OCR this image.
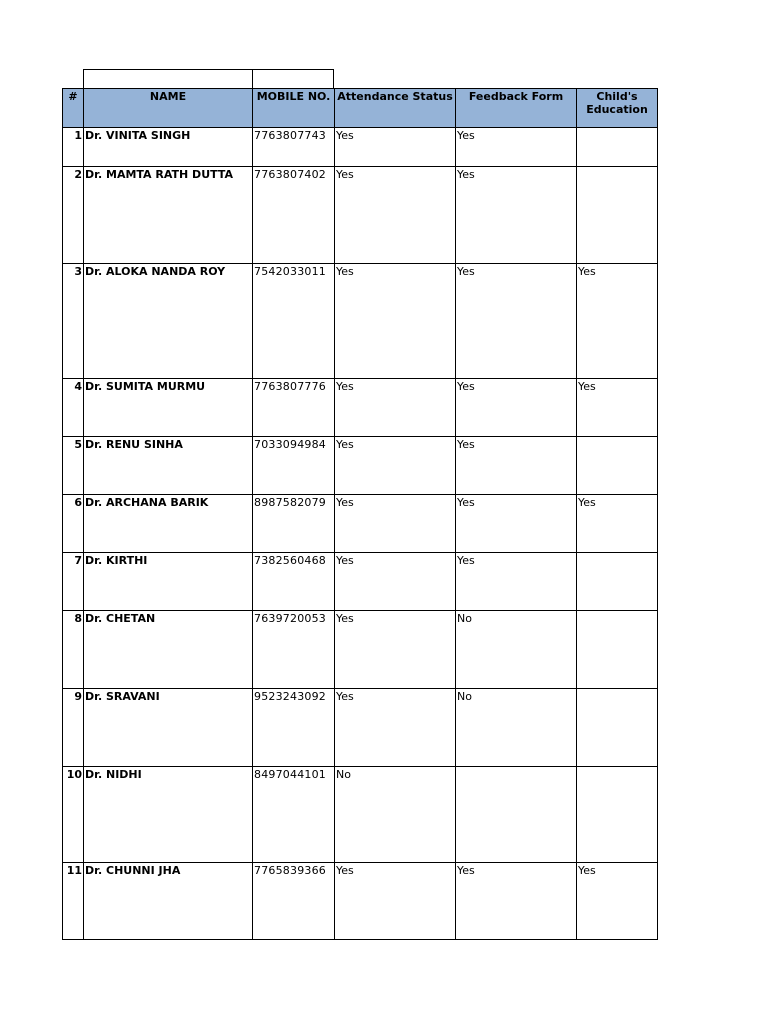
#	NAME	MOBILE NO.	Attendance Status	Feedback Form	Child's Education
1	Dr. VINITA SINGH	7763807743	Yes	Yes	
2	Dr. MAMTA RATH DUTTA	7763807402	Yes	Yes	
3	Dr. ALOKA NANDA ROY	7542033011	Yes	Yes	Yes
4	Dr. SUMITA MURMU	7763807776	Yes	Yes	Yes
5	Dr. RENU SINHA	7033094984	Yes	Yes	
6	Dr. ARCHANA BARIK	8987582079	Yes	Yes	Yes
7	Dr. KIRTHI	7382560468	Yes	Yes	
8	Dr. CHETAN	7639720053	Yes	No	
9	Dr. SRAVANI	9523243092	Yes	No	
10	Dr. NIDHI	8497044101	No		
11	Dr. CHUNNI JHA	7765839366	Yes	Yes	Yes
